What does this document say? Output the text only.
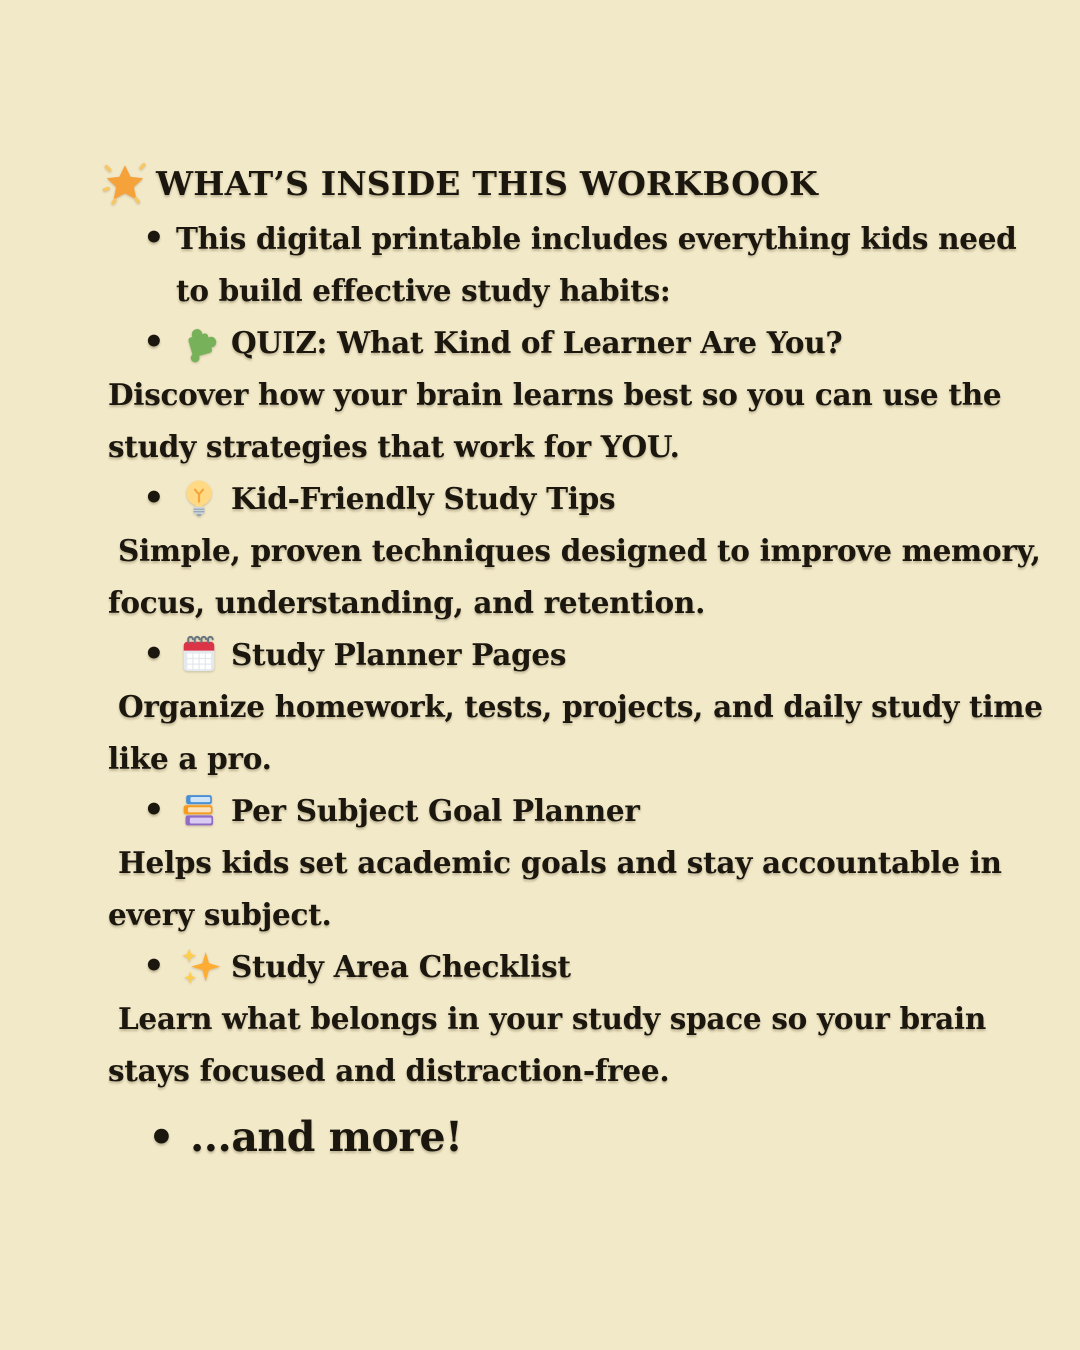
WHAT’S INSIDE THIS WORKBOOK
• This digital printable includes everything kids need
to build effective study habits:
•	QUIZ: What Kind of Learner Are You?
Discover how your brain learns best so you can use the
study strategies that work for YOU.
•	Kid-Friendly Study Tips
Simple, proven techniques designed to improve memory,
focus, understanding, and retention.
•	Study Planner Pages
Organize homework, tests, projects, and daily study time
like a pro.
•	Per Subject Goal Planner
Helps kids set academic goals and stay accountable in
every subject.
•	Study Area Checklist
Learn what belongs in your study space so your brain
stays focused and distraction-free.
• ...and more!
